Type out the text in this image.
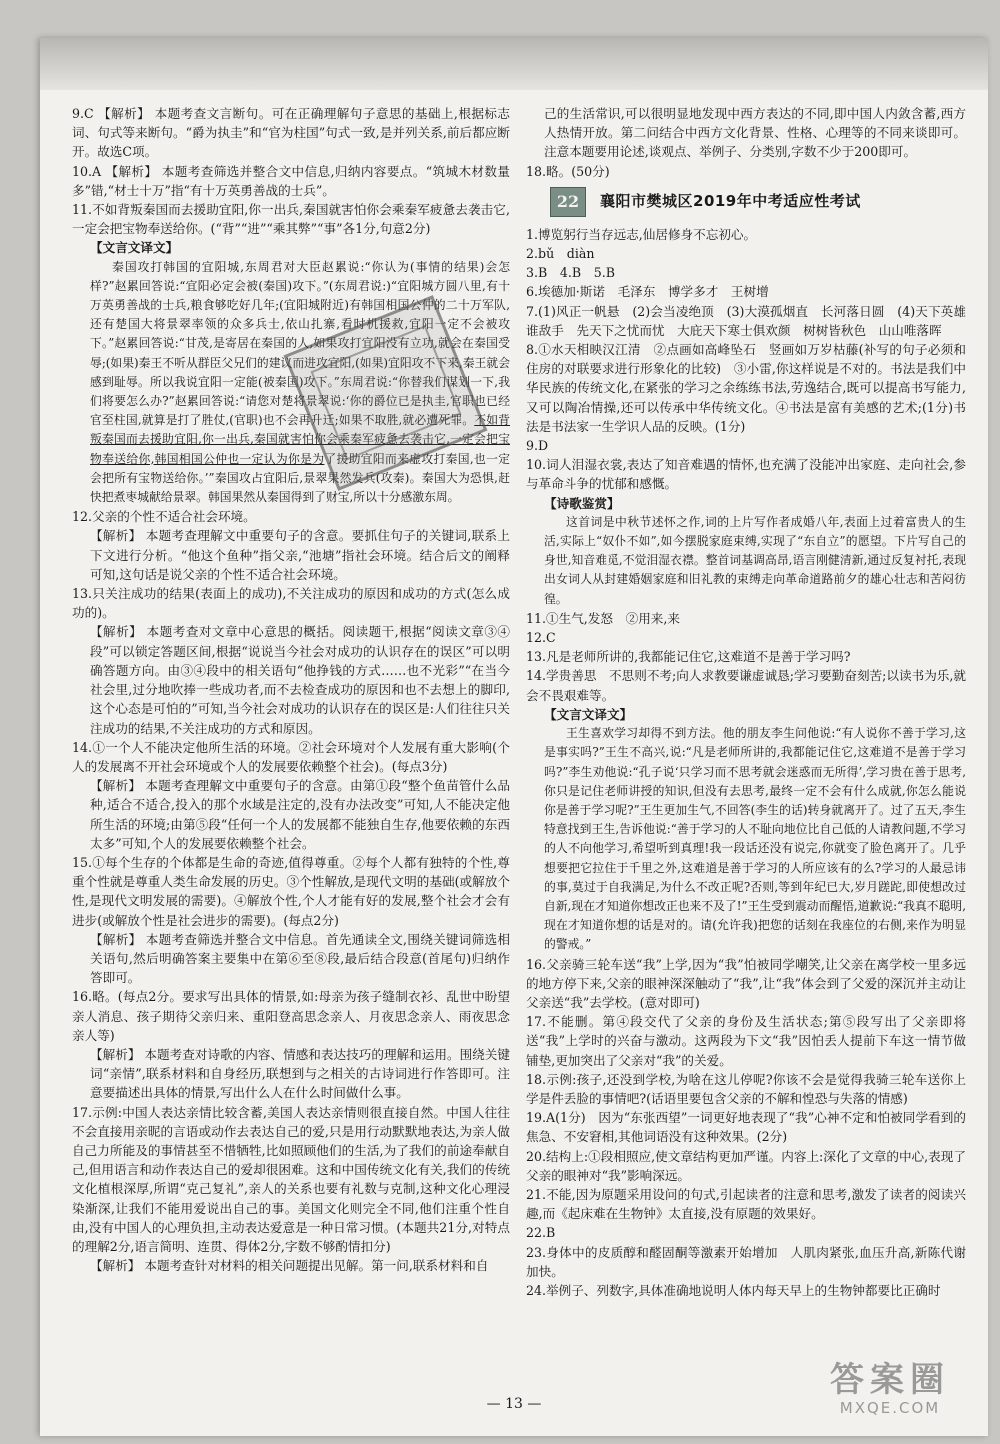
9.C 【解析】 本题考查文言断句。可在正确理解句子意思的基础上,根据标志词、句式等来断句。“爵为执圭”和“官为柱国”句式一致,是并列关系,前后都应断开。故选C项。

10.A 【解析】 本题考查筛选并整合文中信息,归纳内容要点。“筑城木材数量多”错,“材士十万”指“有十万英勇善战的士兵”。

11.不如背叛秦国而去援助宜阳,你一出兵,秦国就害怕你会乘秦军疲惫去袭击它,一定会把宝物奉送给你。(“背”“进”“乘其弊”“事”各1分,句意2分)

【文言文译文】

秦国攻打韩国的宜阳城,东周君对大臣赵累说:“你认为(事情的结果)会怎样?”赵累回答说:“宜阳必定会被(秦国)攻下。”(东周君说:)“宜阳城方圆八里,有十万英勇善战的士兵,粮食够吃好几年;(宜阳城附近)有韩国相国公仲的二十万军队,还有楚国大将景翠率领的众多兵士,依山扎寨,看时机援救,宜阳一定不会被攻下。”赵累回答说:“甘茂,是寄居在秦国的人,如果攻打宜阳没有立功,就会在秦国受辱;(如果)秦王不听从群臣父兄们的建议而进攻宜阳,(如果)宜阳攻不下来,秦王就会感到耻辱。所以我说宜阳一定能(被秦国)攻下。”东周君说:“你替我们谋划一下,我们将要怎么办?”赵累回答说:“请您对楚将景翠说:‘你的爵位已是执圭,官职也已经官至柱国,就算是打了胜仗,(官职)也不会再升迁;如果不取胜,就必遭死罪。不如背叛秦国而去援助宜阳,你一出兵,秦国就害怕你会乘秦军疲惫去袭击它,一定会把宝物奉送给你,韩国相国公仲也一定认为你是为了援助宜阳而来虚攻打秦国,也一定会把所有宝物送给你。’”秦国攻占宜阳后,景翠果然发兵(攻秦)。秦国大为恐惧,赶快把煮枣城献给景翠。韩国果然从秦国得到了财宝,所以十分感激东周。

12.父亲的个性不适合社会环境。

【解析】 本题考查理解文中重要句子的含意。要抓住句子的关键词,联系上下文进行分析。“他这个鱼种”指父亲,“池塘”指社会环境。结合后文的阐释可知,这句话是说父亲的个性不适合社会环境。

13.只关注成功的结果(表面上的成功),不关注成功的原因和成功的方式(怎么成功的)。

【解析】 本题考查对文章中心意思的概括。阅读题干,根据“阅读文章③④段”可以锁定答题区间,根据“说说当今社会对成功的认识存在的误区”可以明确答题方向。由③④段中的相关语句“他挣钱的方式……也不光彩”“在当今社会里,过分地吹捧一些成功者,而不去检查成功的原因和也不去想上的脚印,这个心态是可怕的”可知,当今社会对成功的认识存在的误区是:人们往往只关注成功的结果,不关注成功的方式和原因。

14.①一个人不能决定他所生活的环境。②社会环境对个人发展有重大影响(个人的发展离不开社会环境或个人的发展要依赖整个社会)。(每点3分)

【解析】 本题考查理解文中重要句子的含意。由第①段“整个鱼苗管什么品种,适合不适合,投入的那个水域是注定的,没有办法改变”可知,人不能决定他所生活的环境;由第⑤段“任何一个人的发展都不能独自生存,他要依赖的东西太多”可知,个人的发展要依赖整个社会。

15.①每个生存的个体都是生命的奇迹,值得尊重。②每个人都有独特的个性,尊重个性就是尊重人类生命发展的历史。③个性解放,是现代文明的基础(或解放个性,是现代文明发展的需要)。④解放个性,个人才能有好的发展,整个社会才会有进步(或解放个性是社会进步的需要)。(每点2分)

【解析】 本题考查筛选并整合文中信息。首先通读全文,围绕关键词筛选相关语句,然后明确答案主要集中在第⑥至⑧段,最后结合段意(首尾句)归纳作答即可。

16.略。(每点2分。要求写出具体的情景,如:母亲为孩子缝制衣衫、乱世中盼望亲人消息、孩子期待父亲归来、重阳登高思念亲人、月夜思念亲人、雨夜思念亲人等)

【解析】 本题考查对诗歌的内容、情感和表达技巧的理解和运用。围绕关键词“亲情”,联系材料和自身经历,联想到与之相关的古诗词进行作答即可。注意要描述出具体的情景,写出什么人在什么时间做什么事。

17.示例:中国人表达亲情比较含蓄,美国人表达亲情则很直接自然。中国人往往不会直接用亲昵的言语或动作去表达自己的爱,只是用行动默默地表达,为亲人做自己力所能及的事情甚至不惜牺牲,比如照顾他们的生活,为了我们的前途奉献自己,但用语言和动作表达自己的爱却很困难。这和中国传统文化有关,我们的传统文化植根深厚,所谓“克己复礼”,亲人的关系也要有礼数与克制,这种文化心理浸染渐深,让我们不能用爱说出自己的事。美国文化则完全不同,他们注重个性自由,没有中国人的心理负担,主动表达爱意是一种日常习惯。(本题共21分,对特点的理解2分,语言简明、连贯、得体2分,字数不够酌情扣分)

【解析】 本题考查针对材料的相关问题提出见解。第一问,联系材料和自

己的生活常识,可以很明显地发现中西方表达的不同,即中国人内敛含蓄,西方人热情开放。第二问结合中西方文化背景、性格、心理等的不同来谈即可。注意本题要用论述,谈观点、举例子、分类别,字数不少于200即可。

18.略。(50分)

22	襄阳市樊城区2019年中考适应性考试

1.博览躬行当存远志,仙居修身不忘初心。

2.bǔ　diàn

3.B　4.B　5.B

6.埃德加·斯诺　毛泽东　博学多才　王树增

7.(1)风正一帆悬　(2)会当凌绝顶　(3)大漠孤烟直　长河落日圆　(4)天下英雄谁敌手　先天下之忧而忧　大庇天下寒士俱欢颜　树树皆秋色　山山唯落晖

8.①水天相映汉江清　②点画如高峰坠石　竖画如万岁枯藤(补写的句子必须和住房的对联要求进行形象化的比较)　③小雷,你这样说是不对的。书法是我们中华民族的传统文化,在紧张的学习之余练练书法,劳逸结合,既可以提高书写能力,又可以陶冶情操,还可以传承中华传统文化。④书法是富有美感的艺术;(1分)书法是书法家一生学识人品的反映。(1分)

9.D

10.词人泪湿衣裳,表达了知音难遇的情怀,也充满了没能冲出家庭、走向社会,参与革命斗争的忧郁和感慨。

【诗歌鉴赏】

这首词是中秋节述怀之作,词的上片写作者成婚八年,表面上过着富贵人的生活,实际上“奴仆不如”,如今摆脱家庭束缚,实现了“东自立”的愿望。下片写自己的身世,知音难觅,不觉泪湿衣襟。整首词基调高昂,语言刚健清新,通过反复衬托,表现出女词人从封建婚姻家庭和旧礼教的束缚走向革命道路前夕的雄心壮志和苦闷彷徨。

11.①生气,发怒　②用来,来

12.C

13.凡是老师所讲的,我都能记住它,这难道不是善于学习吗?

14.学贵善思　不思则不考;向人求教要谦虚诚恳;学习要勤奋刻苦;以读书为乐,就会不畏艰难等。

【文言文译文】

王生喜欢学习却得不到方法。他的朋友李生问他说:“有人说你不善于学习,这是事实吗?”王生不高兴,说:“凡是老师所讲的,我都能记住它,这难道不是善于学习吗?”李生劝他说:“孔子说‘只学习而不思考就会迷惑而无所得’,学习贵在善于思考,你只是记住老师讲授的知识,但没有去思考,最终一定不会有什么成就,你怎么能说你是善于学习呢?”王生更加生气,不回答(李生的话)转身就离开了。过了五天,李生特意找到王生,告诉他说:“善于学习的人不耻向地位比自己低的人请教问题,不学习的人不向他学习,希望听到真理!我一段话还没有说完,你就变了脸色离开了。几乎想要把它拉住于千里之外,这难道是善于学习的人所应该有的么?学习的人最忌讳的事,莫过于自我满足,为什么不改正呢?否则,等到年纪已大,岁月蹉跎,即使想改过自新,现在才知道你想改正也来不及了!”王生受到震动而醒悟,道歉说:“我真不聪明,现在才知道你想的话是对的。请(允许我)把您的话刻在我座位的右侧,来作为明显的警戒。”

16.父亲骑三轮车送“我”上学,因为“我”怕被同学嘲笑,让父亲在离学校一里多远的地方停下来,父亲的眼神深深触动了“我”,让“我”体会到了父爱的深沉并主动让父亲送“我”去学校。(意对即可)

17.不能删。第④段交代了父亲的身份及生活状态;第⑤段写出了父亲即将送“我”上学时的兴奋与激动。这两段为下文“我”因怕丢人提前下车这一情节做铺垫,更加突出了父亲对“我”的关爱。

18.示例:孩子,还没到学校,为啥在这儿停呢?你该不会是觉得我骑三轮车送你上学是件丢脸的事情吧?(话语里要包含父亲的不解和惶恐与失落的情感)

19.A(1分)　因为“东张西望”一词更好地表现了“我”心神不定和怕被同学看到的焦急、不安窘相,其他词语没有这种效果。(2分)

20.结构上:①段相照应,使文章结构更加严谨。内容上:深化了文章的中心,表现了父亲的眼神对“我”影响深远。

21.不能,因为原题采用设问的句式,引起读者的注意和思考,激发了读者的阅读兴趣,而《起床难在生物钟》太直接,没有原题的效果好。

22.B

23.身体中的皮质醇和醛固酮等激素开始增加　人肌肉紧张,血压升高,新陈代谢加快。

24.举例子、列数字,具体准确地说明人体内每天早上的生物钟都要比正确时

— 13 —
答案圈
MXQE.COM
